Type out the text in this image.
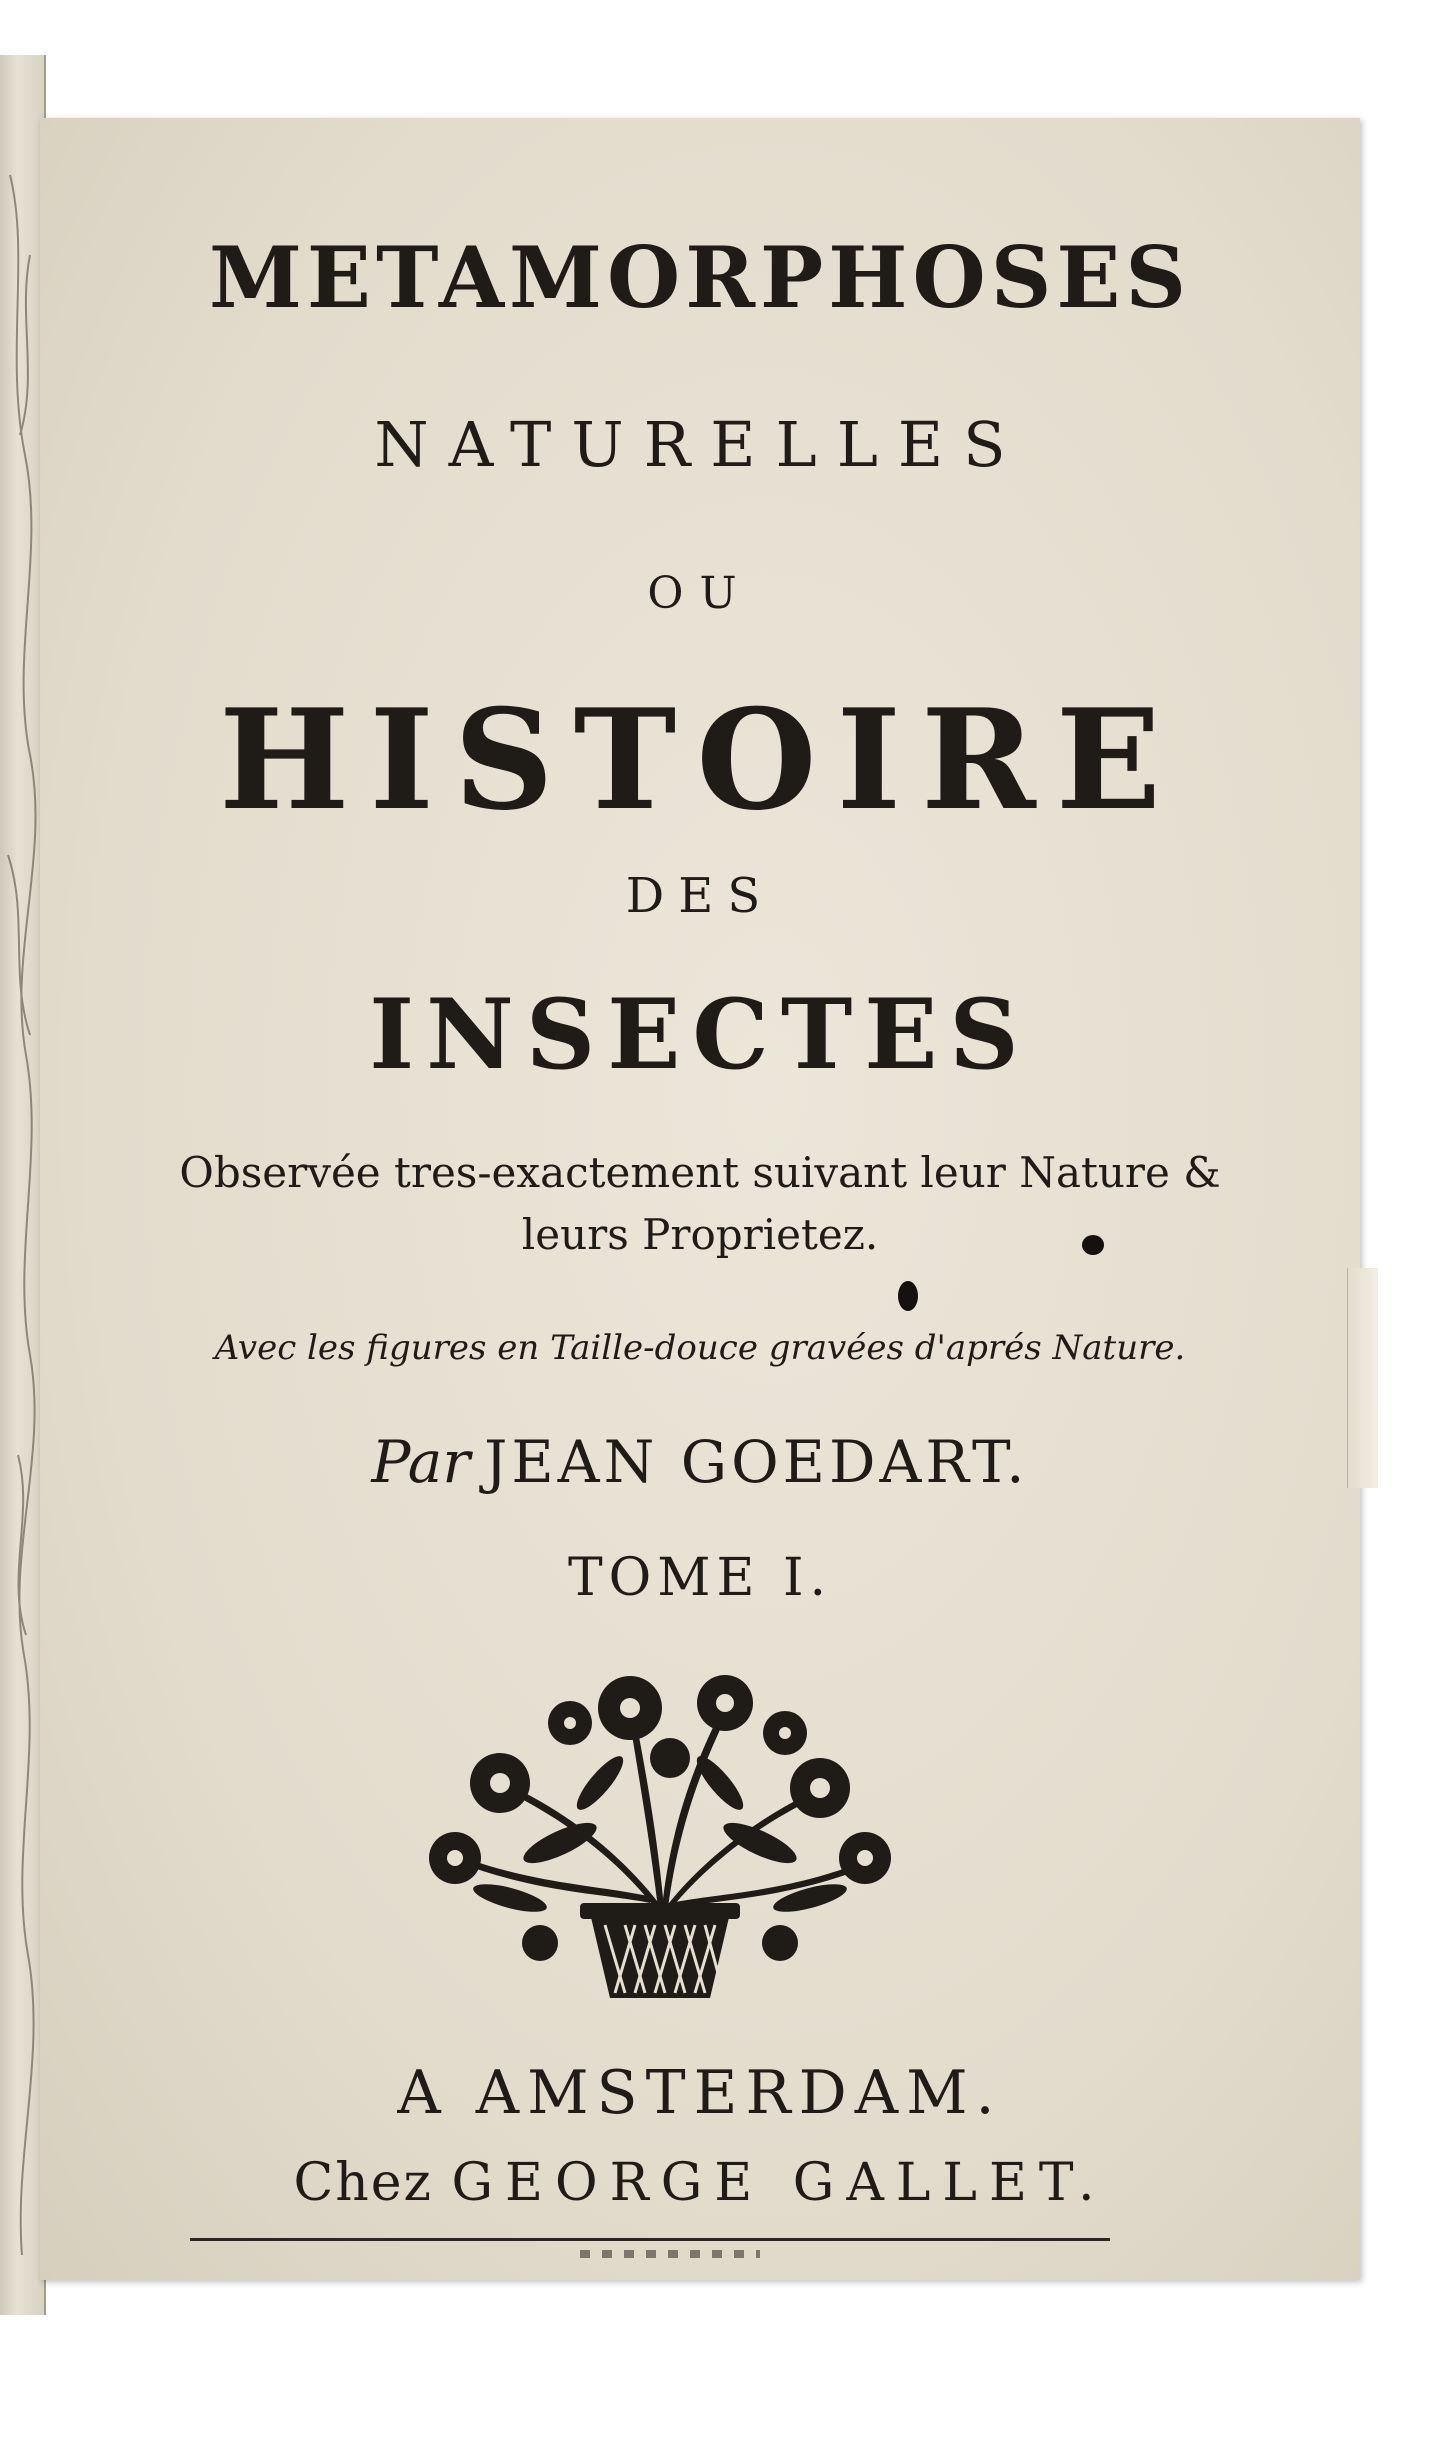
METAMORPHOSES
NATURELLES
OU
HISTOIRE
DES
INSECTES
Observée tres-exactement suivant leur Nature &
leurs Proprietez.
Avec les figures en Taille-douce gravées d'aprés Nature.
Par JEAN GOEDART.
TOME I.
A AMSTERDAM.
Chez GEORGE GALLET.
